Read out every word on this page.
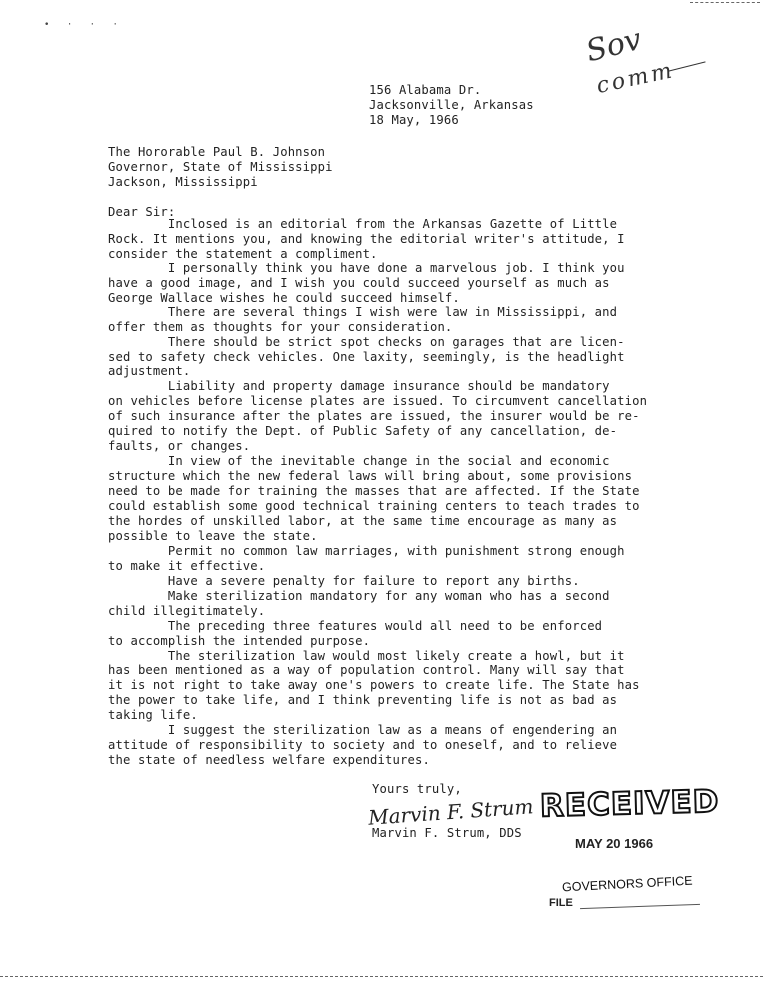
• · · ·	Sov
comm
156 Alabama Dr.
Jacksonville, Arkansas
18 May, 1966
The Hororable Paul B. Johnson
Governor, State of Mississippi
Jackson, Mississippi
Dear Sir:
Inclosed is an editorial from the Arkansas Gazette of Little
Rock. It mentions you, and knowing the editorial writer's attitude, I
consider the statement a compliment.
I personally think you have done a marvelous job. I think you
have a good image, and I wish you could succeed yourself as much as
George Wallace wishes he could succeed himself.
There are several things I wish were law in Mississippi, and
offer them as thoughts for your consideration.
There should be strict spot checks on garages that are licen-
sed to safety check vehicles. One laxity, seemingly, is the headlight
adjustment.
Liability and property damage insurance should be mandatory
on vehicles before license plates are issued. To circumvent cancellation
of such insurance after the plates are issued, the insurer would be re-
quired to notify the Dept. of Public Safety of any cancellation, de-
faults, or changes.
In view of the inevitable change in the social and economic
structure which the new federal laws will bring about, some provisions
need to be made for training the masses that are affected. If the State
could establish some good technical training centers to teach trades to
the hordes of unskilled labor, at the same time encourage as many as
possible to leave the state.
Permit no common law marriages, with punishment strong enough
to make it effective.
Have a severe penalty for failure to report any births.
Make sterilization mandatory for any woman who has a second
child illegitimately.
The preceding three features would all need to be enforced
to accomplish the intended purpose.
The sterilization law would most likely create a howl, but it
has been mentioned as a way of population control. Many will say that
it is not right to take away one's powers to create life. The State has
the power to take life, and I think preventing life is not as bad as
taking life.
I suggest the sterilization law as a means of engendering an
attitude of responsibility to society and to oneself, and to relieve
the state of needless welfare expenditures.
Yours truly,
Marvin F. Strum
Marvin F. Strum, DDS
RECEIVED
MAY 20 1966
GOVERNORS OFFICE
FILE
